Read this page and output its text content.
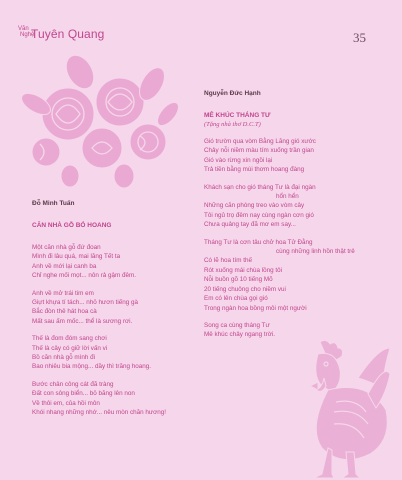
Văn
Nghệ
Tuyên Quang	35
Đỗ Minh Tuấn
CĂN NHÀ GỖ BỎ HOANG
Một căn nhà gỗ đứ đoan
Mình đi lâu quá, mai lăng Tết ta
Anh về mới lại canh ba
Chỉ nghe mối mọt... nôn rả gậm đêm.
Anh về mở trái tim em
Giựt khựa tí tách... nhỏ hươn tiếng gà
Bắc đòn thê hát hoa cà
Mất sau ấm mốc... thể là sương rơi.
Thế là đom đóm sang chơi
Thế là cây có giữ lời vấn vi
Bồ căn nhà gỗ mình đi
Bao nhiêu bia mộng... dầy thì trăng hoang.
Bước chân công cát đã tràng
Đất con sông biển... bỏ băng lên non
Về thôi em, của hồi môn
Khói nhang những nhớ... nêu mòn chăn hương!
Nguyễn Đức Hạnh
MÊ KHÚC THÁNG TƯ
(Tặng nhà thơ D.C.T)
Gió trườn qua vòm Bằng Lăng gió xước
Chảy nỗi niềm màu tím xuống trần gian
Gió vào rừng xin ngồi lại
Trả tiền bằng mùi thơm hoang đàng
Khách sạn cho gió tháng Tư là đại ngàn
hổn hển
Những căn phòng treo vào vòm cây
Tôi ngủ trọ đêm nay cùng ngàn cơn gió
Chưa quảng tay đã mơ em say...
Tháng Tư là cơn tâu chở hoa Tử Đằng
cùng những linh hồn thật trẻ
Có lẽ hoa tím thế
Rót xuống mái chùa lồng tôi
Nỗi buồn gõ 10 tiếng Mõ
20 tiếng chuông cho niềm vui
Em có lên chùa gọi gió
Trong ngàn hoa bồng môi một người
Song ca cùng tháng Tư
Mê khúc chảy ngang trời.
